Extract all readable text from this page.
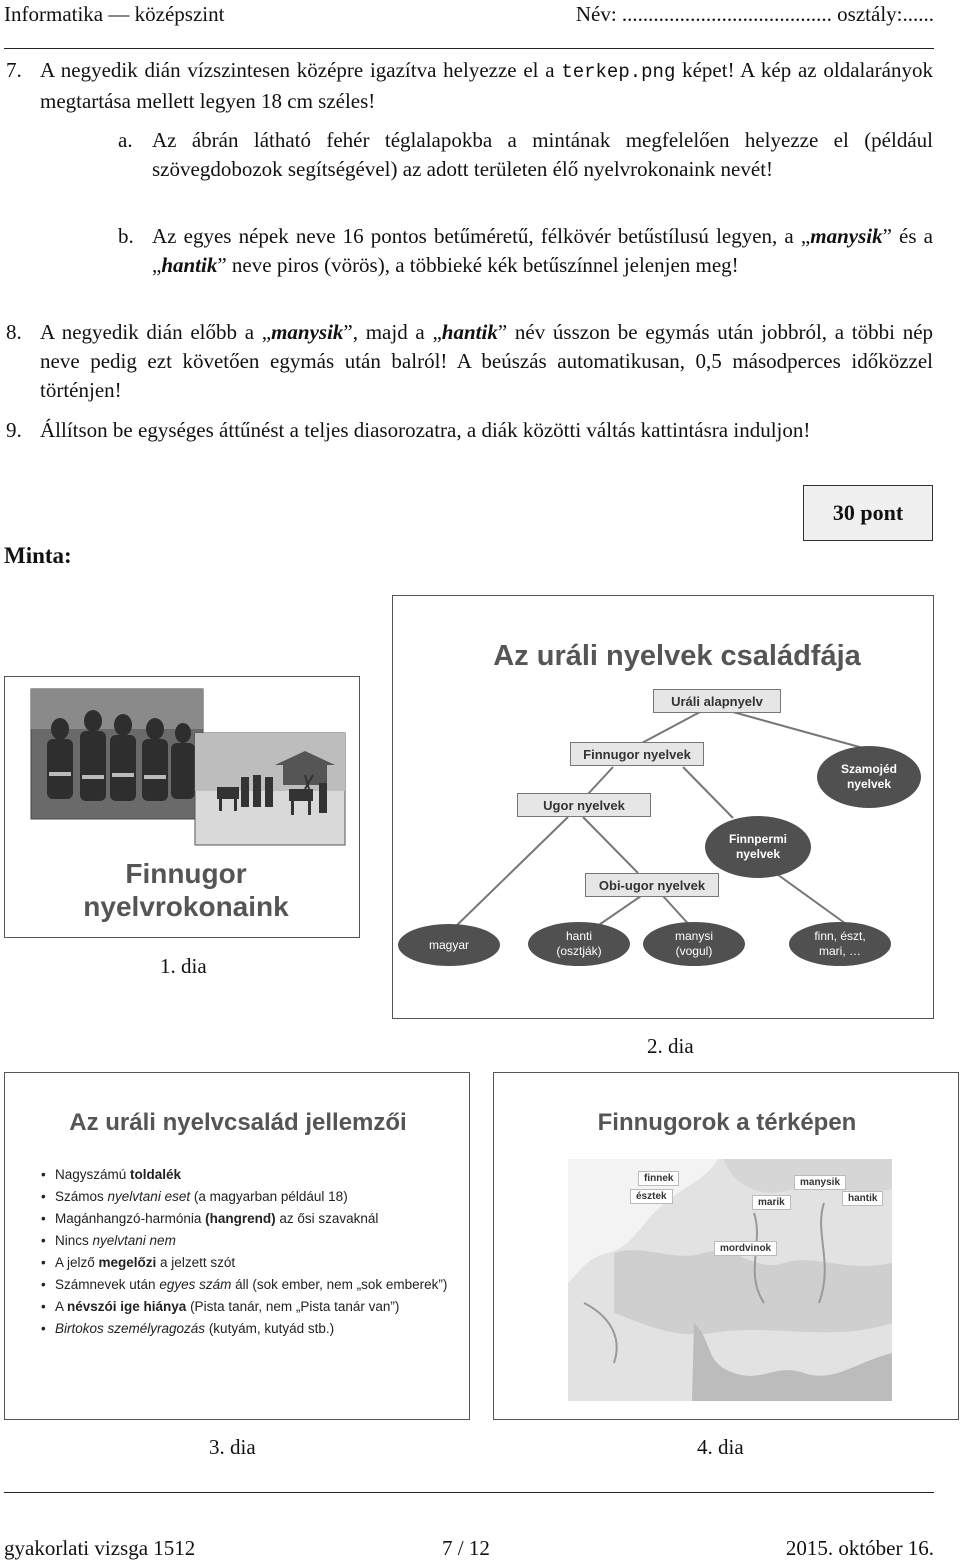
Informatika — középszint	Név: ........................................ osztály:......
7. A negyedik dián vízszintesen középre igazítva helyezze el a terkep.png képet! A kép az oldalarányok megtartása mellett legyen 18 cm széles!
a. Az ábrán látható fehér téglalapokba a mintának megfelelően helyezze el (például szövegdobozok segítségével) az adott területen élő nyelvrokonaink nevét!
b. Az egyes népek neve 16 pontos betűméretű, félkövér betűstílusú legyen, a „manysik” és a „hantik” neve piros (vörös), a többieké kék betűszínnel jelenjen meg!
8. A negyedik dián előbb a „manysik”, majd a „hantik” név ússzon be egymás után jobbról, a többi nép neve pedig ezt követően egymás után balról! A beúszás automatikusan, 0,5 másodperces időközzel történjen!
9. Állítson be egységes áttűnést a teljes diasorozatra, a diák közötti váltás kattintásra induljon!
30 pont
Minta:
Finnugor
nyelvrokonaink
1. dia
Az uráli nyelvek családfája
Uráli alapnyelv
Finnugor nyelvek
Ugor nyelvek
Obi-ugor nyelvek
Szamojéd
nyelvek
Finnpermi
nyelvek
magyar
hanti
(osztják)
manysi
(vogul)
finn, észt,
mari, …
2. dia
Az uráli nyelvcsalád jellemzői
• Nagyszámú toldalék
• Számos nyelvtani eset (a magyarban például 18)
• Magánhangzó-harmónia (hangrend) az ősi szavaknál
• Nincs nyelvtani nem
• A jelző megelőzi a jelzett szót
• Számnevek után egyes szám áll (sok ember, nem „sok emberek”)
• A névszói ige hiánya (Pista tanár, nem „Pista tanár van”)
• Birtokos személyragozás (kutyám, kutyád stb.)
3. dia
Finnugorok a térképen
finnek
észtek
manysik
hantik
marik
mordvinok
4. dia
gyakorlati vizsga 1512	7 / 12	2015. október 16.
